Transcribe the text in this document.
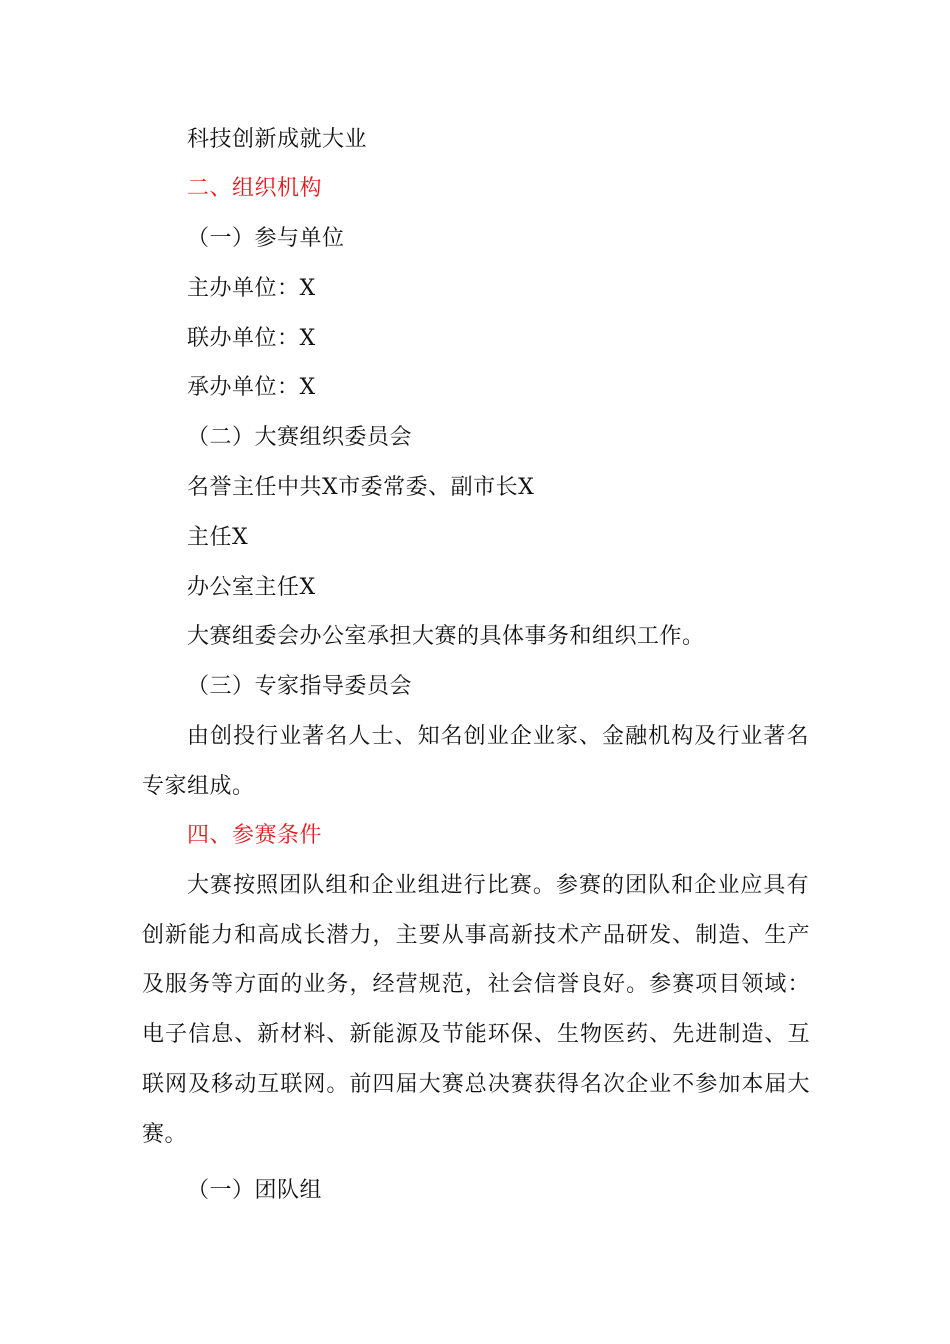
科技创新成就大业
二、组织机构
（一）参与单位
主办单位：X
联办单位：X
承办单位：X
（二）大赛组织委员会
名誉主任中共X市委常委、副市长X
主任X
办公室主任X
大赛组委会办公室承担大赛的具体事务和组织工作。
（三）专家指导委员会
由创投行业著名人士、知名创业企业家、金融机构及行业著名
专家组成。
四、参赛条件
大赛按照团队组和企业组进行比赛。参赛的团队和企业应具有
创新能力和高成长潜力，主要从事高新技术产品研发、制造、生产
及服务等方面的业务，经营规范，社会信誉良好。参赛项目领域：
电子信息、新材料、新能源及节能环保、生物医药、先进制造、互
联网及移动互联网。前四届大赛总决赛获得名次企业不参加本届大
赛。
（一）团队组
